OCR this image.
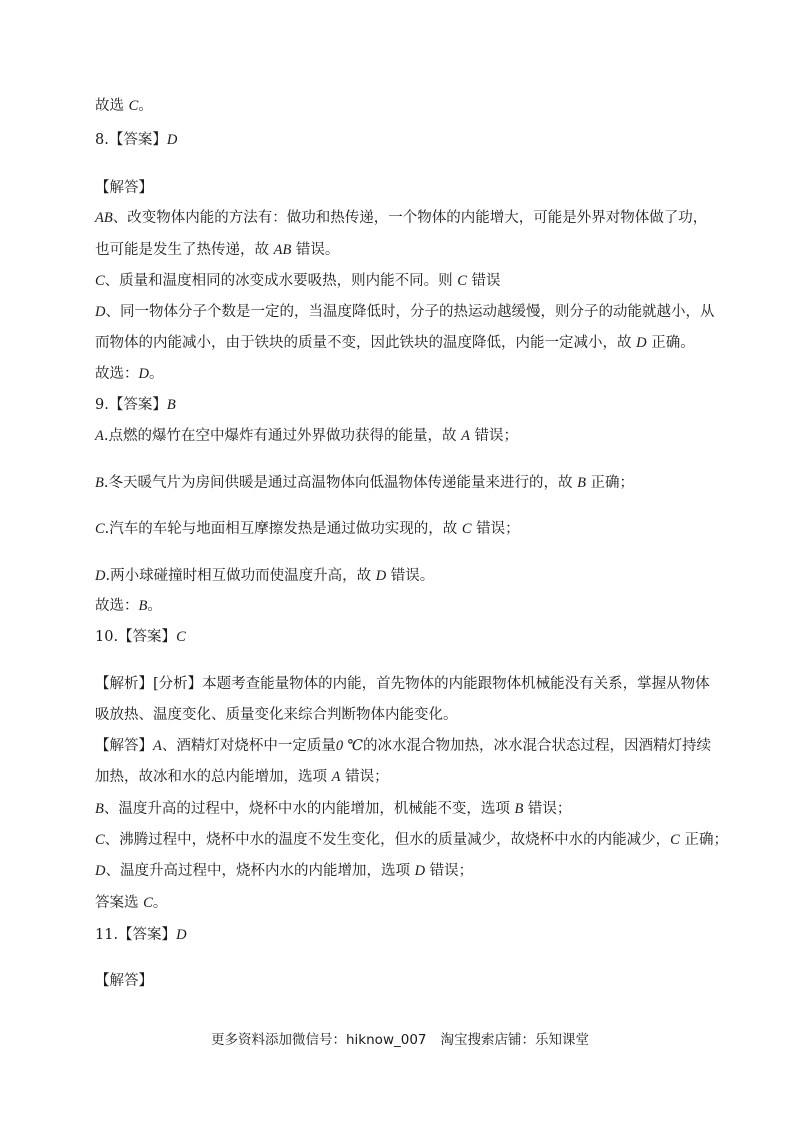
故选 C。
8.【答案】D
【解答】
AB、改变物体内能的方法有：做功和热传递，一个物体的内能增大，可能是外界对物体做了功，
也可能是发生了热传递，故 AB 错误。
C、质量和温度相同的冰变成水要吸热，则内能不同。则 C 错误
D、同一物体分子个数是一定的，当温度降低时，分子的热运动越缓慢，则分子的动能就越小，从
而物体的内能减小，由于铁块的质量不变，因此铁块的温度降低，内能一定减小，故 D 正确。
故选：D。
9.【答案】B
A.点燃的爆竹在空中爆炸有通过外界做功获得的能量，故 A 错误；
B.冬天暖气片为房间供暖是通过高温物体向低温物体传递能量来进行的，故 B 正确；
C.汽车的车轮与地面相互摩擦发热是通过做功实现的，故 C 错误；
D.两小球碰撞时相互做功而使温度升高，故 D 错误。
故选：B。
10.【答案】C
【解析】[分析】本题考查能量物体的内能，首先物体的内能跟物体机械能没有关系，掌握从物体
吸放热、温度变化、质量变化来综合判断物体内能变化。
【解答】A、酒精灯对烧杯中一定质量0 ℃的冰水混合物加热，冰水混合状态过程，因酒精灯持续
加热，故冰和水的总内能增加，选项 A 错误；
B、温度升高的过程中，烧杯中水的内能增加，机械能不变，选项 B 错误；
C、沸腾过程中，烧杯中水的温度不发生变化，但水的质量减少，故烧杯中水的内能减少，C 正确；
D、温度升高过程中，烧杯内水的内能增加，选项 D 错误；
答案选 C。
11.【答案】D
【解答】
更多资料添加微信号：hiknow_007 淘宝搜索店铺：乐知课堂
